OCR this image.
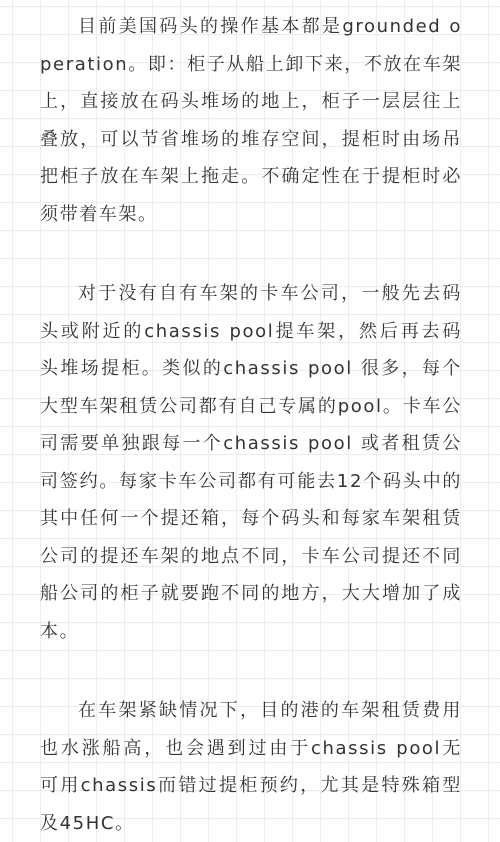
目前美国码头的操作基本都是grounded operation。即：柜子从船上卸下来，不放在车架上，直接放在码头堆场的地上，柜子一层层往上叠放，可以节省堆场的堆存空间，提柜时由场吊把柜子放在车架上拖走。不确定性在于提柜时必须带着车架。

对于没有自有车架的卡车公司，一般先去码头或附近的chassis pool提车架，然后再去码头堆场提柜。类似的chassis pool 很多，每个大型车架租赁公司都有自己专属的pool。卡车公司需要单独跟每一个chassis pool 或者租赁公司签约。每家卡车公司都有可能去12个码头中的其中任何一个提还箱，每个码头和每家车架租赁公司的提还车架的地点不同，卡车公司提还不同船公司的柜子就要跑不同的地方，大大增加了成本。

在车架紧缺情况下，目的港的车架租赁费用也水涨船高，也会遇到过由于chassis pool无可用chassis而错过提柜预约，尤其是特殊箱型及45HC。
